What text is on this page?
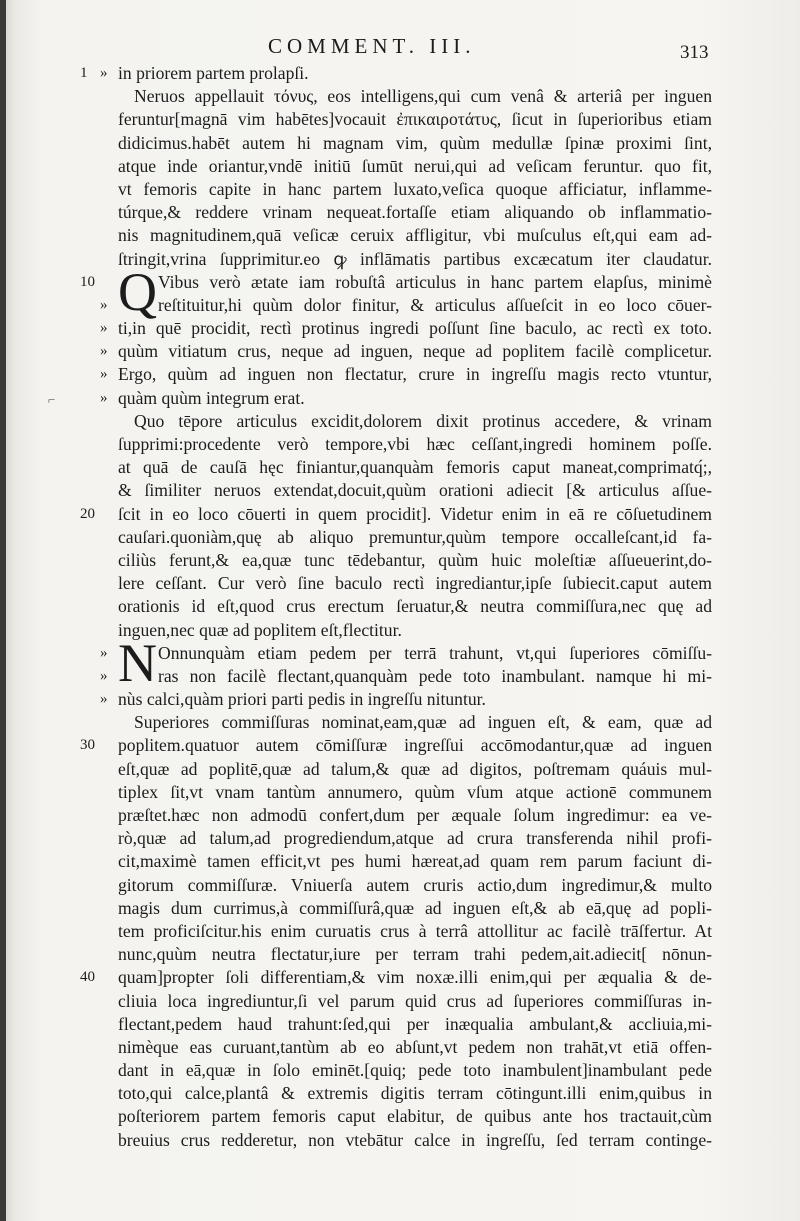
COMMENT. III.	313
⌐
1 » in priorem partem prolapſi.
Neruos appellauit τόνυς, eos intelligens,qui cum venâ & arteriâ per inguen
feruntur[magnā vim habētes]vocauit ἐπικαιροτάτυς, ſicut in ſuperioribus etiam
didicimus.habēt autem hi magnam vim, quùm medullæ ſpinæ proximi ſint,
atque inde oriantur,vndē initiū ſumūt nerui,qui ad veſicam feruntur. quo fit,
vt femoris capite in hanc partem luxato,veſica quoque afficiatur, inflamme-
túrque,& reddere vrinam nequeat.fortaſſe etiam aliquando ob inflammatio-
nis magnitudinem,quā veſicæ ceruix affligitur, vbi muſculus eſt,qui eam ad-
ſtringit,vrina ſupprimitur.eo ꝙ inflāmatis partibus excæcatum iter claudatur.
10	Vibus verò ætate iam robuſtâ articulus in hanc partem elapſus, minimè
»	reſtituitur,hi quùm dolor finitur, & articulus aſſueſcit in eo loco cōuer-
» ti,in quē procidit, rectì protinus ingredi poſſunt ſine baculo, ac rectì ex toto.
» quùm vitiatum crus, neque ad inguen, neque ad poplitem facilè complicetur.
» Ergo, quùm ad inguen non flectatur, crure in ingreſſu magis recto vtuntur,
» quàm quùm integrum erat.
Quo tēpore articulus excidit,dolorem dixit protinus accedere, & vrinam
ſupprimi:procedente verò tempore,vbi hæc ceſſant,ingredi hominem poſſe.
at quā de cauſā hęc finiantur,quanquàm femoris caput maneat,comprimatq́;,
& ſimiliter neruos extendat,docuit,quùm orationi adiecit [& articulus aſſue-
20 ſcit in eo loco cōuerti in quem procidit]. Videtur enim in eā re cōſuetudinem
cauſari.quoniàm,quę ab aliquo premuntur,quùm tempore occalleſcant,id fa-
ciliùs ferunt,& ea,quæ tunc tēdebantur, quùm huic moleſtiæ aſſueuerint,do-
lere ceſſant. Cur verò ſine baculo rectì ingrediantur,ipſe ſubiecit.caput autem
orationis id eſt,quod crus erectum ſeruatur,& neutra commiſſura,nec quę ad
inguen,nec quæ ad poplitem eſt,flectitur.
»	Onnunquàm etiam pedem per terrā trahunt, vt,qui ſuperiores cōmiſſu-
»	ras non facilè flectant,quanquàm pede toto inambulant. namque hi mi-
» nùs calci,quàm priori parti pedis in ingreſſu nituntur.
Superiores commiſſuras nominat,eam,quæ ad inguen eſt, & eam, quæ ad
30 poplitem.quatuor autem cōmiſſuræ ingreſſui accōmodantur,quæ ad inguen
eſt,quæ ad poplitē,quæ ad talum,& quæ ad digitos, poſtremam quáuis mul-
tiplex ſit,vt vnam tantùm annumero, quùm vſum atque actionē communem
præſtet.hæc non admodū confert,dum per æquale ſolum ingredimur: ea ve-
rò,quæ ad talum,ad progrediendum,atque ad crura transferenda nihil profi-
cit,maximè tamen efficit,vt pes humi hæreat,ad quam rem parum faciunt di-
gitorum commiſſuræ. Vniuerſa autem cruris actio,dum ingredimur,& multo
magis dum currimus,à commiſſurâ,quæ ad inguen eſt,& ab eā,quę ad popli-
tem proficiſcitur.his enim curuatis crus à terrâ attollitur ac facilè trāſfertur. At
nunc,quùm neutra flectatur,iure per terram trahi pedem,ait.adiecit[ nōnun-
40 quam]propter ſoli differentiam,& vim noxæ.illi enim,qui per æqualia & de-
cliuia loca ingrediuntur,ſi vel parum quid crus ad ſuperiores commiſſuras in-
flectant,pedem haud trahunt:ſed,qui per inæqualia ambulant,& accliuia,mi-
nimèque eas curuant,tantùm ab eo abſunt,vt pedem non trahāt,vt etiā offen-
dant in eā,quæ in ſolo eminēt.[quiq; pede toto inambulent]inambulant pede
toto,qui calce,plantâ & extremis digitis terram cōtingunt.illi enim,quibus in
poſteriorem partem femoris caput elabitur, de quibus ante hos tractauit,cùm
breuius crus redderetur, non vtebātur calce in ingreſſu, ſed terram continge-
Q
N
